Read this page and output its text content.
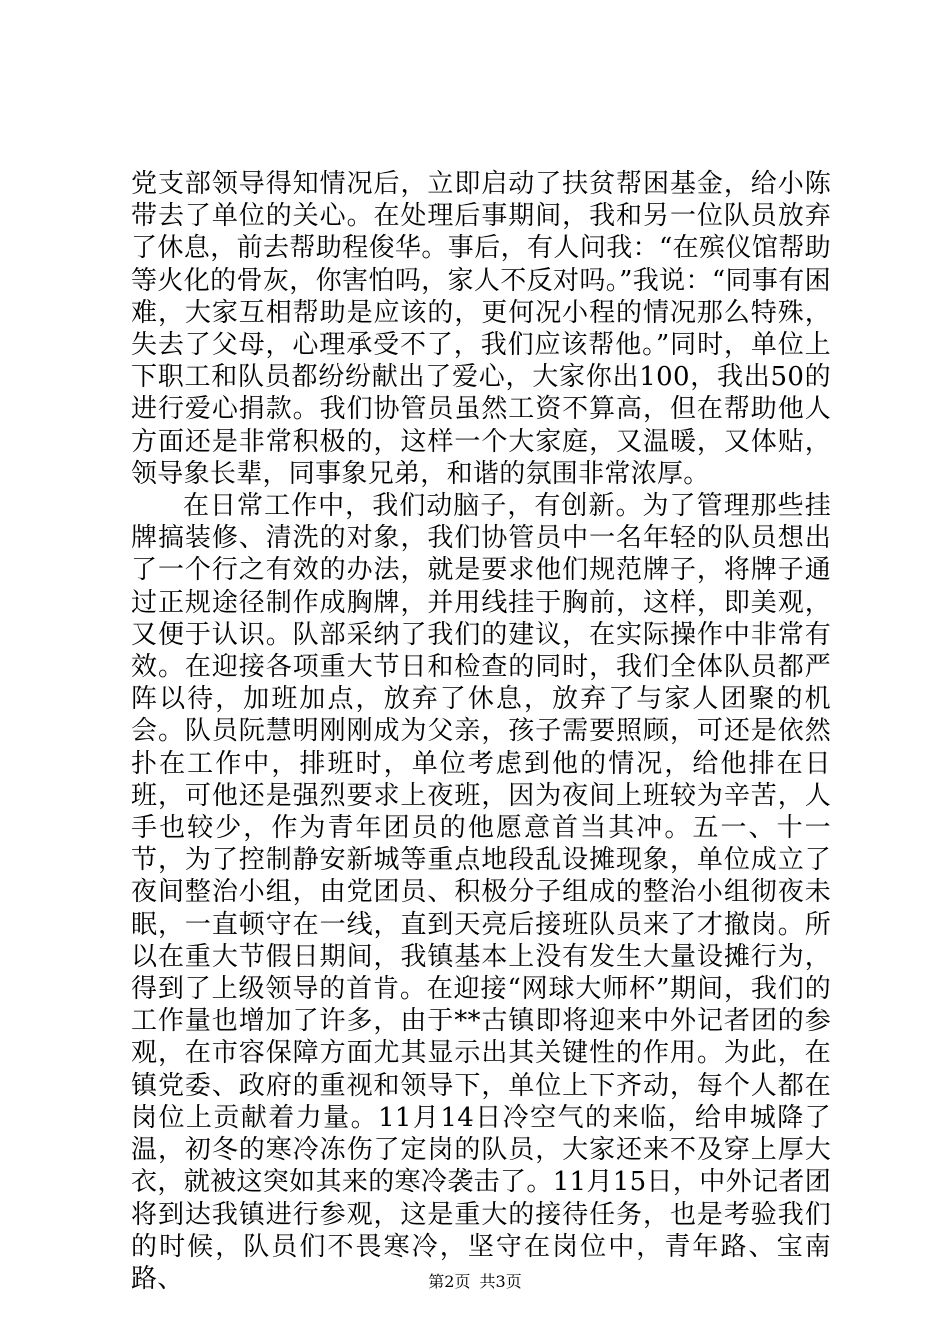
党支部领导得知情况后，立即启动了扶贫帮困基金，给小陈带去了单位的关心。在处理后事期间，我和另一位队员放弃了休息，前去帮助程俊华。事后，有人问我：“在殡仪馆帮助等火化的骨灰，你害怕吗，家人不反对吗。”我说：“同事有困难，大家互相帮助是应该的，更何况小程的情况那么特殊，失去了父母，心理承受不了，我们应该帮他。”同时，单位上下职工和队员都纷纷献出了爱心，大家你出100，我出50的进行爱心捐款。我们协管员虽然工资不算高，但在帮助他人方面还是非常积极的，这样一个大家庭，又温暖，又体贴，领导象长辈，同事象兄弟，和谐的氛围非常浓厚。

在日常工作中，我们动脑子，有创新。为了管理那些挂牌搞装修、清洗的对象，我们协管员中一名年轻的队员想出了一个行之有效的办法，就是要求他们规范牌子，将牌子通过正规途径制作成胸牌，并用线挂于胸前，这样，即美观，又便于认识。队部采纳了我们的建议，在实际操作中非常有效。在迎接各项重大节日和检查的同时，我们全体队员都严阵以待，加班加点，放弃了休息，放弃了与家人团聚的机会。队员阮慧明刚刚成为父亲，孩子需要照顾，可还是依然扑在工作中，排班时，单位考虑到他的情况，给他排在日班，可他还是强烈要求上夜班，因为夜间上班较为辛苦，人手也较少，作为青年团员的他愿意首当其冲。五一、十一节，为了控制静安新城等重点地段乱设摊现象，单位成立了夜间整治小组，由党团员、积极分子组成的整治小组彻夜未眠，一直顿守在一线，直到天亮后接班队员来了才撤岗。所以在重大节假日期间，我镇基本上没有发生大量设摊行为，得到了上级领导的首肯。在迎接“网球大师杯”期间，我们的工作量也增加了许多，由于**古镇即将迎来中外记者团的参观，在市容保障方面尤其显示出其关键性的作用。为此，在镇党委、政府的重视和领导下，单位上下齐动，每个人都在岗位上贡献着力量。11月14日冷空气的来临，给申城降了温，初冬的寒冷冻伤了定岗的队员，大家还来不及穿上厚大衣，就被这突如其来的寒冷袭击了。11月15日，中外记者团将到达我镇进行参观，这是重大的接待任务，也是考验我们的时候，队员们不畏寒冷，坚守在岗位中，青年路、宝南路、	第2页 共3页
